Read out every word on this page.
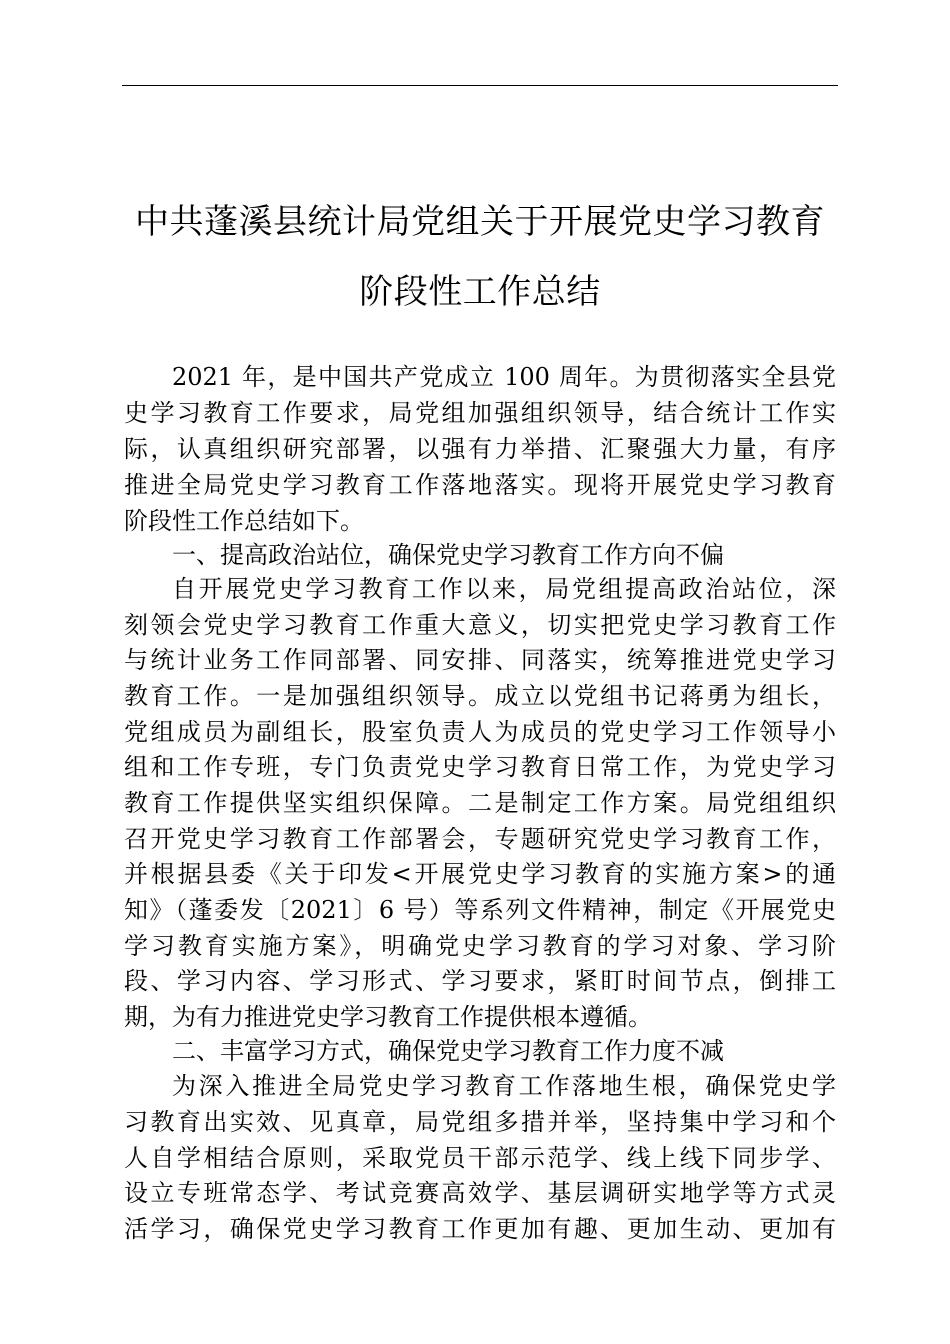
中共蓬溪县统计局党组关于开展党史学习教育
阶段性工作总结
2021 年，是中国共产党成立 100 周年。为贯彻落实全县党
史学习教育工作要求，局党组加强组织领导，结合统计工作实
际，认真组织研究部署，以强有力举措、汇聚强大力量，有序
推进全局党史学习教育工作落地落实。现将开展党史学习教育
阶段性工作总结如下。
一、提高政治站位，确保党史学习教育工作方向不偏
自开展党史学习教育工作以来，局党组提高政治站位，深
刻领会党史学习教育工作重大意义，切实把党史学习教育工作
与统计业务工作同部署、同安排、同落实，统筹推进党史学习
教育工作。一是加强组织领导。成立以党组书记蒋勇为组长，
党组成员为副组长，股室负责人为成员的党史学习工作领导小
组和工作专班，专门负责党史学习教育日常工作，为党史学习
教育工作提供坚实组织保障。二是制定工作方案。局党组组织
召开党史学习教育工作部署会，专题研究党史学习教育工作，
并根据县委《关于印发<开展党史学习教育的实施方案>的通
知》（蓬委发〔2021〕6 号）等系列文件精神，制定《开展党史
学习教育实施方案》，明确党史学习教育的学习对象、学习阶
段、学习内容、学习形式、学习要求，紧盯时间节点，倒排工
期，为有力推进党史学习教育工作提供根本遵循。
二、丰富学习方式，确保党史学习教育工作力度不减
为深入推进全局党史学习教育工作落地生根，确保党史学
习教育出实效、见真章，局党组多措并举，坚持集中学习和个
人自学相结合原则，采取党员干部示范学、线上线下同步学、
设立专班常态学、考试竞赛高效学、基层调研实地学等方式灵
活学习，确保党史学习教育工作更加有趣、更加生动、更加有
